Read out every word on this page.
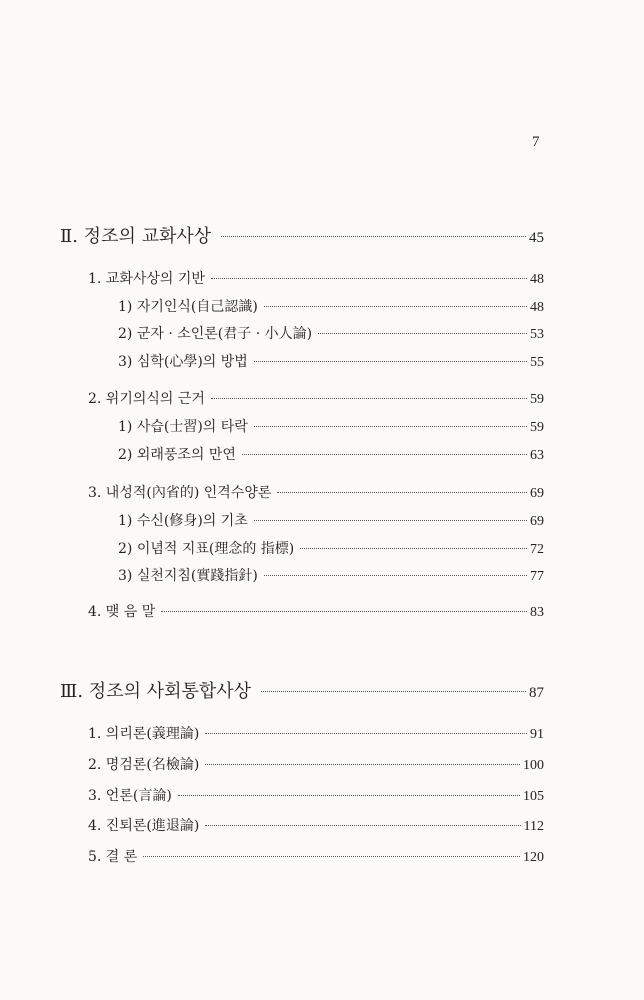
7
Ⅱ. 정조의 교화사상	45
1. 교화사상의 기반	48
1) 자기인식(自己認識)	48
2) 군자 · 소인론(君子 · 小人論)	53
3) 심학(心學)의 방법	55
2. 위기의식의 근거	59
1) 사습(士習)의 타락	59
2) 외래풍조의 만연	63
3. 내성적(內省的) 인격수양론	69
1) 수신(修身)의 기초	69
2) 이념적 지표(理念的 指標)	72
3) 실천지침(實踐指針)	77
4. 맺 음 말	83
Ⅲ. 정조의 사회통합사상	87
1. 의리론(義理論)	91
2. 명검론(名檢論)	100
3. 언론(言論)	105
4. 진퇴론(進退論)	112
5. 결 론	120
